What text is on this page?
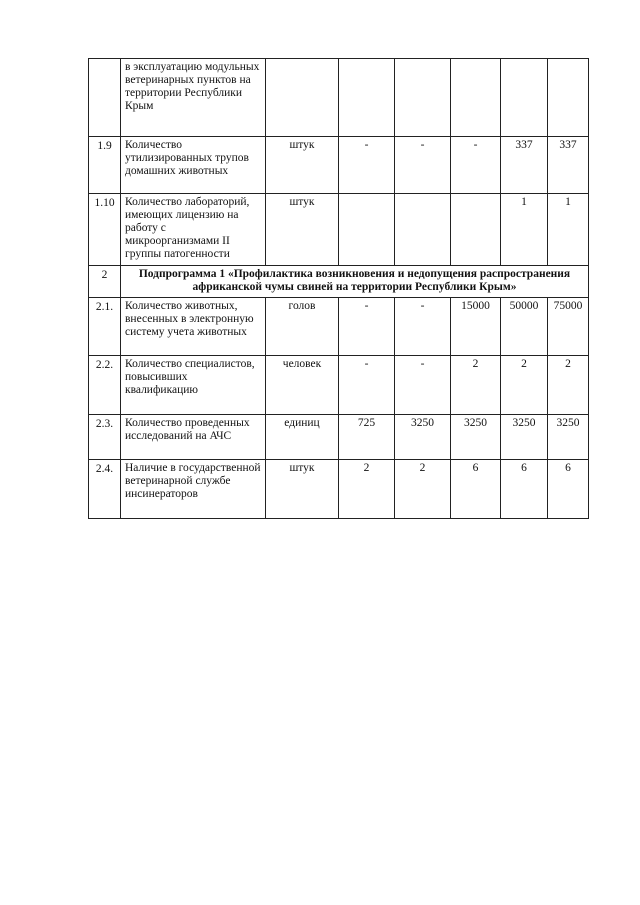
	в эксплуатацию модульных ветеринарных пунктов на территории Республики Крым						
1.9	Количество утилизированных трупов домашних животных	штук	-	-	-	337	337
1.10	Количество лабораторий, имеющих лицензию на работу с микроорганизмами II группы патогенности	штук				1	1
2	Подпрограмма 1 «Профилактика возникновения и недопущения распространения африканской чумы свиней на территории Республики Крым»						
2.1.	Количество животных, внесенных в электронную систему учета животных	голов	-	-	15000	50000	75000
2.2.	Количество специалистов, повысивших квалификацию	человек	-	-	2	2	2
2.3.	Количество проведенных исследований на АЧС	единиц	725	3250	3250	3250	3250
2.4.	Наличие в государственной ветеринарной службе инсинераторов	штук	2	2	6	6	6
